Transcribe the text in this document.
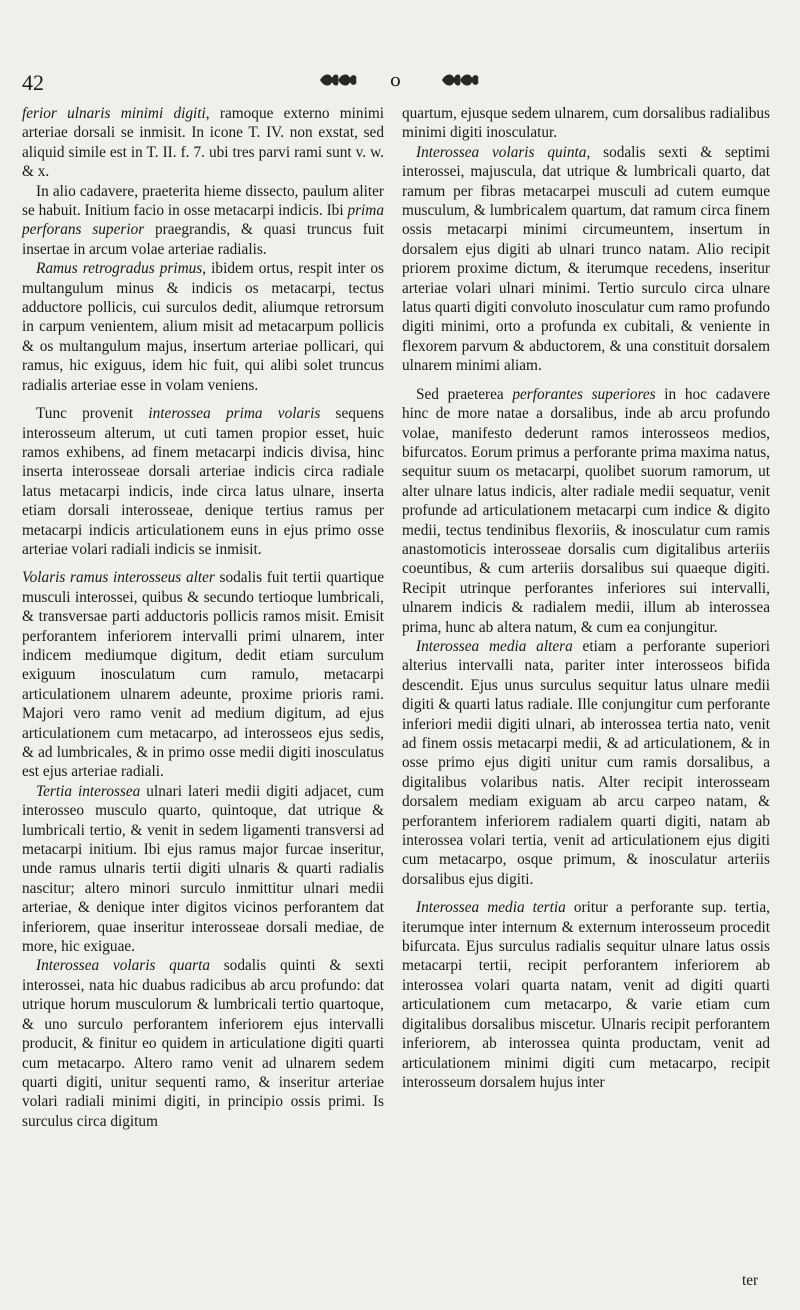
42	o

ferior ulnaris minimi digiti, ramoque externo minimi arteriae dorsali se inmisit. In icone T. IV. non exstat, sed aliquid simile est in T. II. f. 7. ubi tres parvi rami sunt v. w. & x.

In alio cadavere, praeterita hieme dissecto, paulum aliter se habuit. Initium facio in osse metacarpi indicis. Ibi prima perforans superior praegrandis, & quasi truncus fuit insertae in arcum volae arteriae radialis.

Ramus retrogradus primus, ibidem ortus, respit inter os multangulum minus & indicis os metacarpi, tectus adductore pollicis, cui surculos dedit, aliumque retrorsum in carpum venientem, alium misit ad metacarpum pollicis & os multangulum majus, insertum arteriae pollicari, qui ramus, hic exiguus, idem hic fuit, qui alibi solet truncus radialis arteriae esse in volam veniens.

Tunc provenit interossea prima volaris sequens interosseum alterum, ut cuti tamen propior esset, huic ramos exhibens, ad finem metacarpi indicis divisa, hinc inserta interosseae dorsali arteriae indicis circa radiale latus metacarpi indicis, inde circa latus ulnare, inserta etiam dorsali interosseae, denique tertius ramus per metacarpi indicis articulationem euns in ejus primo osse arteriae volari radiali indicis se inmisit.

Volaris ramus interosseus alter sodalis fuit tertii quartique musculi interossei, quibus & secundo tertioque lumbricali, & transversae parti adductoris pollicis ramos misit. Emisit perforantem inferiorem intervalli primi ulnarem, inter indicem mediumque digitum, dedit etiam surculum exiguum inosculatum cum ramulo, metacarpi articulationem ulnarem adeunte, proxime prioris rami. Majori vero ramo venit ad medium digitum, ad ejus articulationem cum metacarpo, ad interosseos ejus sedis, & ad lumbricales, & in primo osse medii digiti inosculatus est ejus arteriae radiali.

Tertia interossea ulnari lateri medii digiti adjacet, cum interosseo musculo quarto, quintoque, dat utrique & lumbricali tertio, & venit in sedem ligamenti transversi ad metacarpi initium. Ibi ejus ramus major furcae inseritur, unde ramus ulnaris tertii digiti ulnaris & quarti radialis nascitur; altero minori surculo inmittitur ulnari medii arteriae, & denique inter digitos vicinos perforantem dat inferiorem, quae inseritur interosseae dorsali mediae, de more, hic exiguae.

Interossea volaris quarta sodalis quinti & sexti interossei, nata hic duabus radicibus ab arcu profundo: dat utrique horum musculorum & lumbricali tertio quartoque, & uno surculo perforantem inferiorem ejus intervalli producit, & finitur eo quidem in articulatione digiti quarti cum metacarpo. Altero ramo venit ad ulnarem sedem quarti digiti, unitur sequenti ramo, & inseritur arteriae volari radiali minimi digiti, in principio ossis primi. Is surculus circa digitum

quartum, ejusque sedem ulnarem, cum dorsalibus radialibus minimi digiti inosculatur.

Interossea volaris quinta, sodalis sexti & septimi interossei, majuscula, dat utrique & lumbricali quarto, dat ramum per fibras metacarpei musculi ad cutem eumque musculum, & lumbricalem quartum, dat ramum circa finem ossis metacarpi minimi circumeuntem, insertum in dorsalem ejus digiti ab ulnari trunco natam. Alio recipit priorem proxime dictum, & iterumque recedens, inseritur arteriae volari ulnari minimi. Tertio surculo circa ulnare latus quarti digiti convoluto inosculatur cum ramo profundo digiti minimi, orto a profunda ex cubitali, & veniente in flexorem parvum & abductorem, & una constituit dorsalem ulnarem minimi aliam.

Sed praeterea perforantes superiores in hoc cadavere hinc de more natae a dorsalibus, inde ab arcu profundo volae, manifesto dederunt ramos interosseos medios, bifurcatos. Eorum primus a perforante prima maxima natus, sequitur suum os metacarpi, quolibet suorum ramorum, ut alter ulnare latus indicis, alter radiale medii sequatur, venit profunde ad articulationem metacarpi cum indice & digito medii, tectus tendinibus flexoriis, & inosculatur cum ramis anastomoticis interosseae dorsalis cum digitalibus arteriis coeuntibus, & cum arteriis dorsalibus sui quaeque digiti. Recipit utrinque perforantes inferiores sui intervalli, ulnarem indicis & radialem medii, illum ab interossea prima, hunc ab altera natum, & cum ea conjungitur.

Interossea media altera etiam a perforante superiori alterius intervalli nata, pariter inter interosseos bifida descendit. Ejus unus surculus sequitur latus ulnare medii digiti & quarti latus radiale. Ille conjungitur cum perforante inferiori medii digiti ulnari, ab interossea tertia nato, venit ad finem ossis metacarpi medii, & ad articulationem, & in osse primo ejus digiti unitur cum ramis dorsalibus, a digitalibus volaribus natis. Alter recipit interosseam dorsalem mediam exiguam ab arcu carpeo natam, & perforantem inferiorem radialem quarti digiti, natam ab interossea volari tertia, venit ad articulationem ejus digiti cum metacarpo, osque primum, & inosculatur arteriis dorsalibus ejus digiti.

Interossea media tertia oritur a perforante sup. tertia, iterumque inter internum & externum interosseum procedit bifurcata. Ejus surculus radialis sequitur ulnare latus ossis metacarpi tertii, recipit perforantem inferiorem ab interossea volari quarta natam, venit ad digiti quarti articulationem cum metacarpo, & varie etiam cum digitalibus dorsalibus miscetur. Ulnaris recipit perforantem inferiorem, ab interossea quinta productam, venit ad articulationem minimi digiti cum metacarpo, recipit interosseum dorsalem hujus inter

ter
